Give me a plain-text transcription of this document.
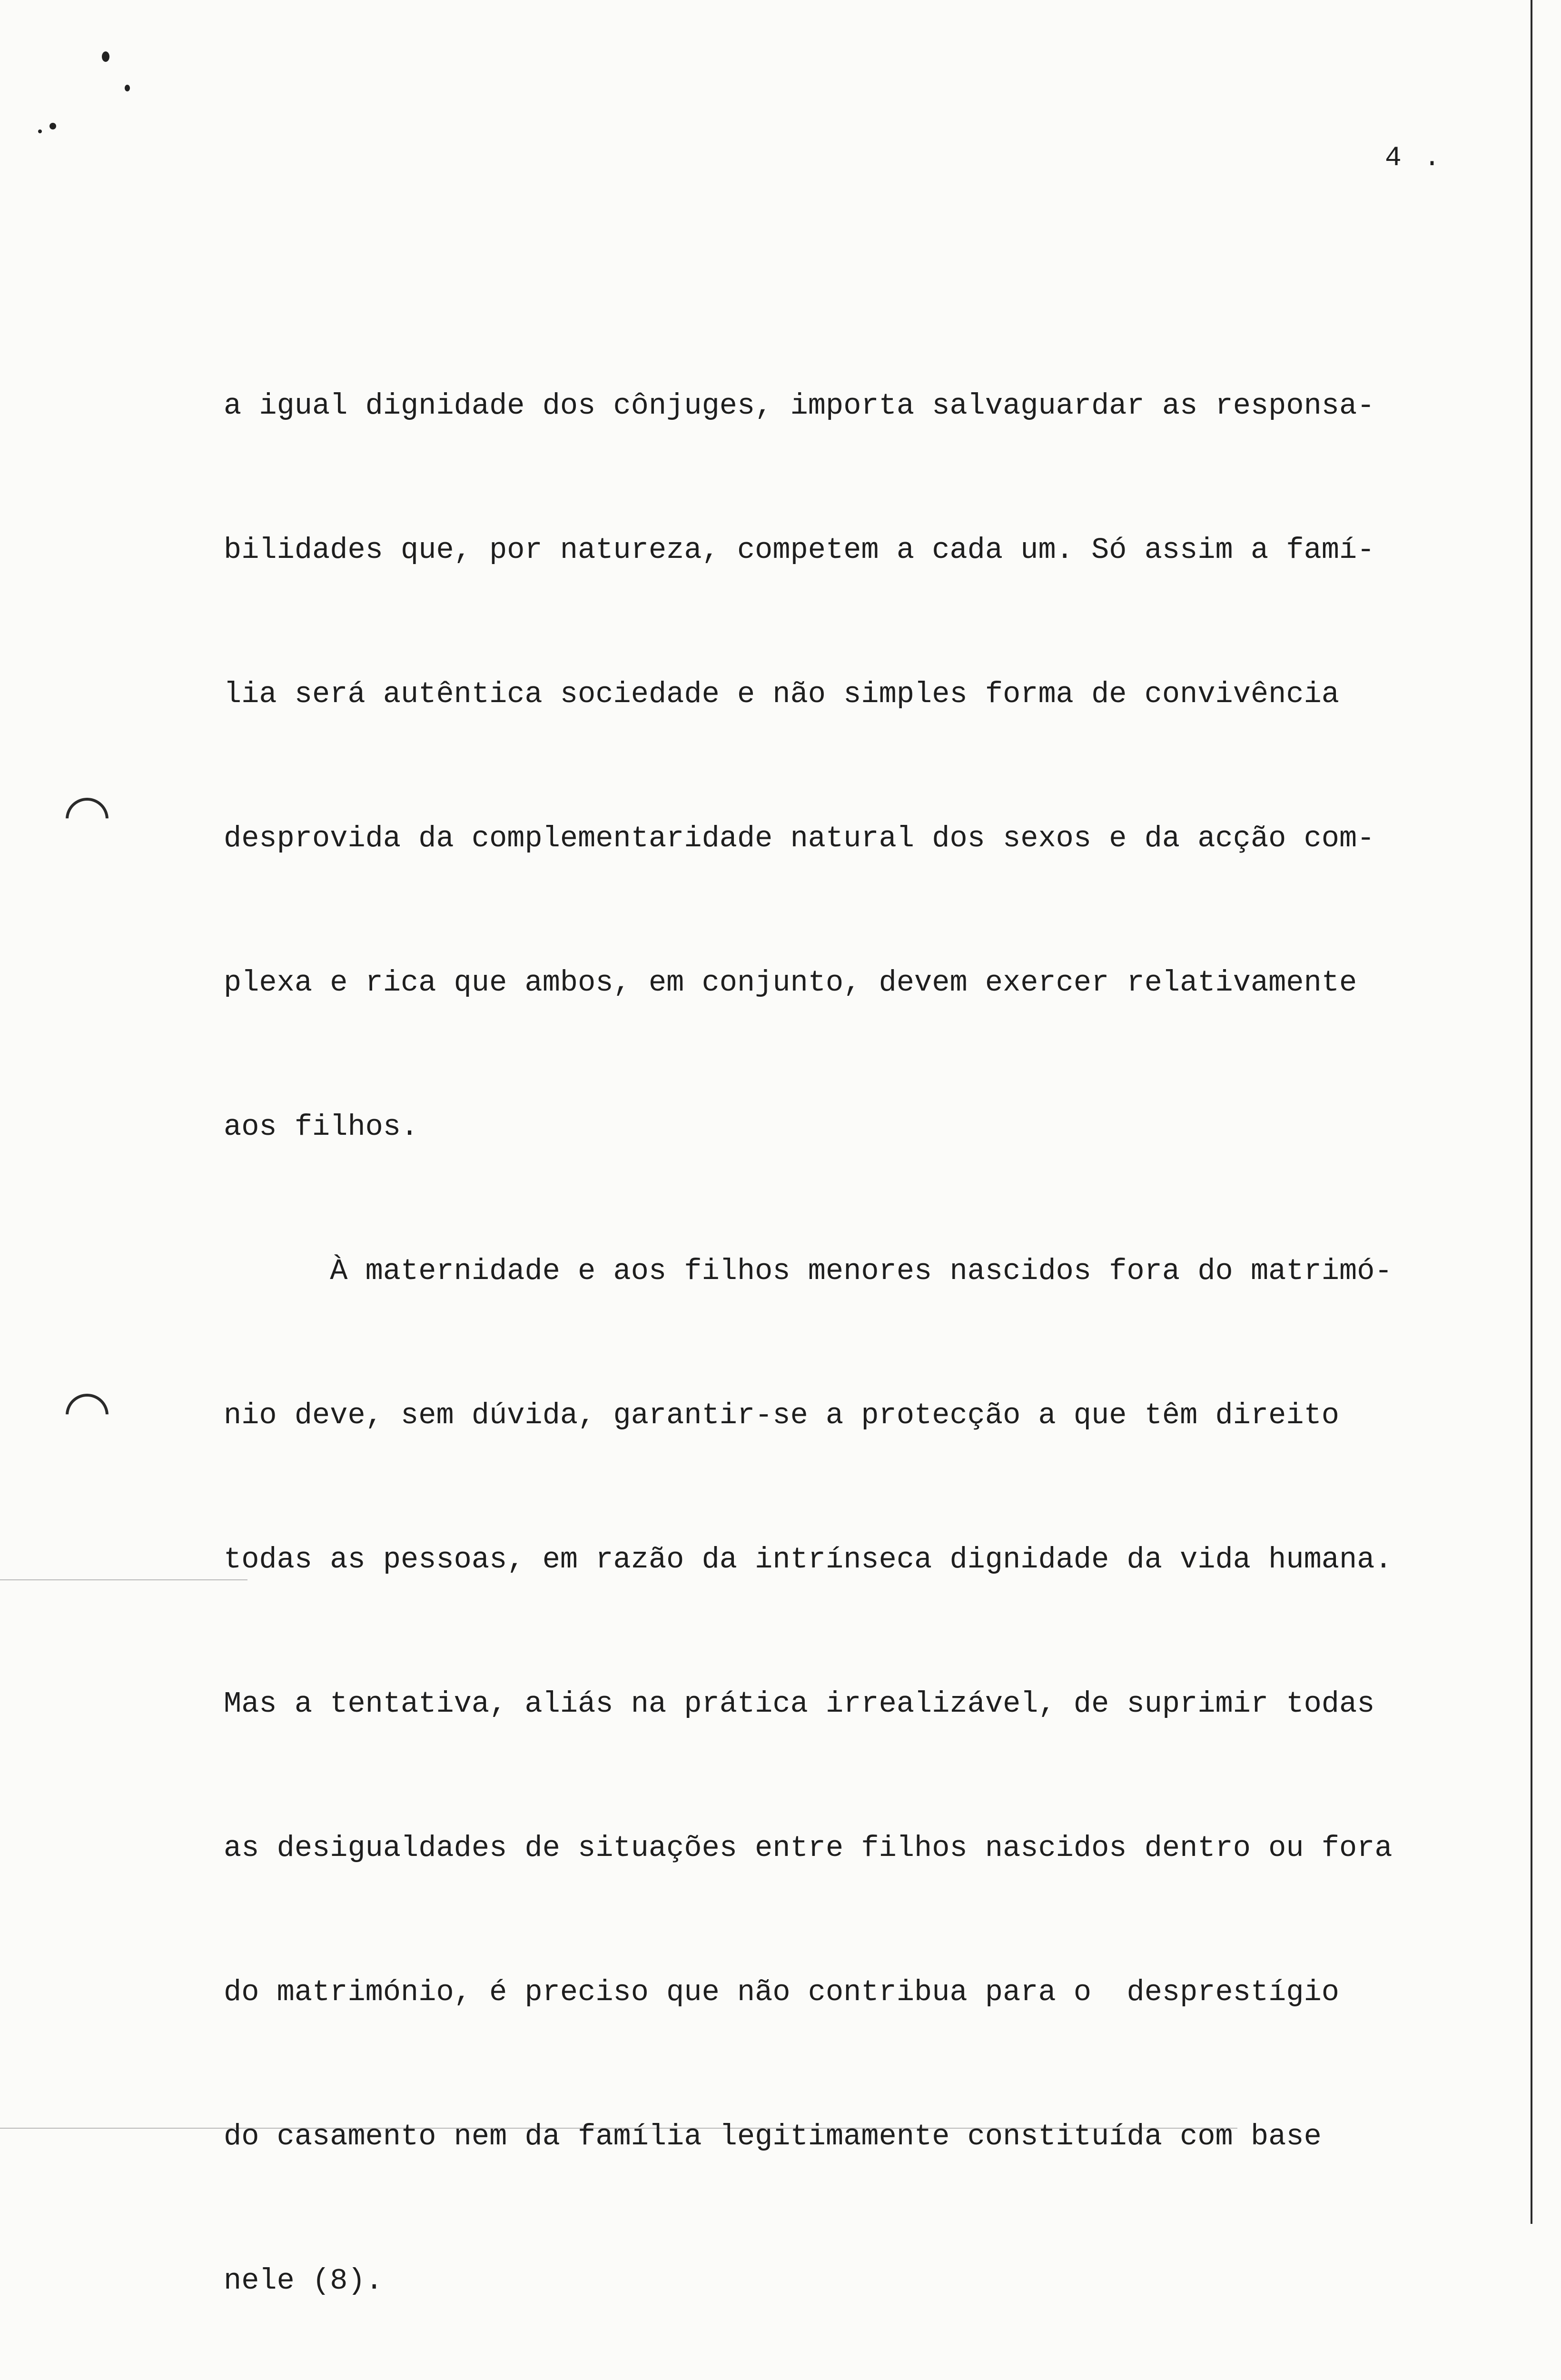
4 .

a igual dignidade dos cônjuges, importa salvaguardar as responsa-

bilidades que, por natureza, competem a cada um. Só assim a famí-

lia será autêntica sociedade e não simples forma de convivência

desprovida da complementaridade natural dos sexos e da acção com-

plexa e rica que ambos, em conjunto, devem exercer relativamente

aos filhos.

À maternidade e aos filhos menores nascidos fora do matrimó-

nio deve, sem dúvida, garantir-se a protecção a que têm direito

todas as pessoas, em razão da intrínseca dignidade da vida humana.

Mas a tentativa, aliás na prática irrealizável, de suprimir todas

as desigualdades de situações entre filhos nascidos dentro ou fora

do matrimónio, é preciso que não contribua para o  desprestígio

do casamento nem da família legitimamente constituída com base

nele (8).
